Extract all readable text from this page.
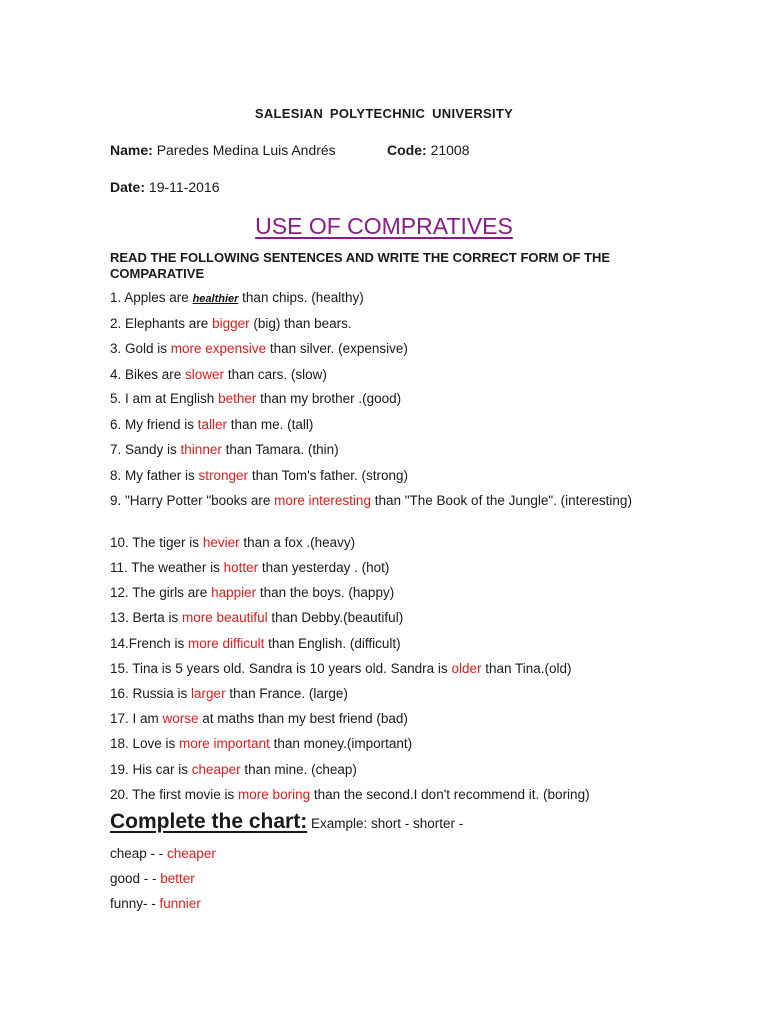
SALESIAN POLYTECHNIC UNIVERSITY
Name: Paredes Medina Luis Andrés	Code: 21008
Date: 19-11-2016
USE OF COMPRATIVES
READ THE FOLLOWING SENTENCES AND WRITE THE CORRECT FORM OF THE COMPARATIVE
1. Apples are healthier than chips. (healthy)
2. Elephants are bigger (big) than bears.
3. Gold is more expensive than silver. (expensive)
4. Bikes are slower than cars. (slow)
5. I am at English bether than my brother .(good)
6. My friend is taller than me. (tall)
7. Sandy is thinner than Tamara. (thin)
8. My father is stronger than Tom's father. (strong)
9. "Harry Potter "books are more interesting than "The Book of the Jungle". (interesting)
10. The tiger is hevier than a fox .(heavy)
11. The weather is hotter than yesterday . (hot)
12. The girls are happier than the boys. (happy)
13. Berta is more beautiful than Debby.(beautiful)
14.French is more difficult than English. (difficult)
15. Tina is 5 years old. Sandra is 10 years old. Sandra is older than Tina.(old)
16. Russia is larger than France. (large)
17. I am worse at maths than my best friend (bad)
18. Love is more important than money.(important)
19. His car is cheaper than mine. (cheap)
20. The first movie is more boring than the second.I don't recommend it. (boring)
Complete the chart: Example: short - shorter -
cheap - - cheaper
good - - better
funny- - funnier
